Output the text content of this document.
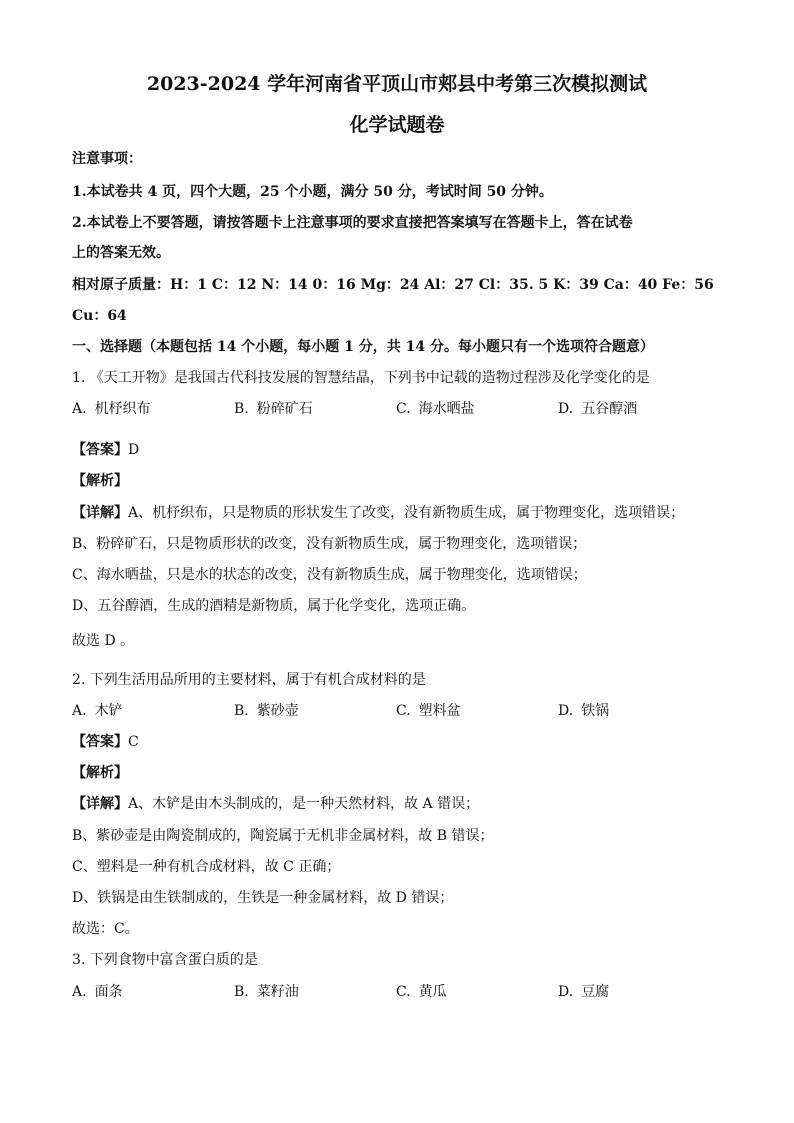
2023-2024 学年河南省平顶山市郏县中考第三次模拟测试
化学试题卷
注意事项：
1.本试卷共 4 页，四个大题，25 个小题，满分 50 分，考试时间 50 分钟。
2.本试卷上不要答题，请按答题卡上注意事项的要求直接把答案填写在答题卡上，答在试卷
上的答案无效。
相对原子质量：H：1 C：12 N：14 0：16 Mg：24 Al：27 Cl：35. 5 K：39 Ca：40 Fe：56
Cu：64
一、选择题（本题包括 14 个小题，每小题 1 分，共 14 分。每小题只有一个选项符合题意）
1. 《天工开物》是我国古代科技发展的智慧结晶，下列书中记载的造物过程涉及化学变化的是
A. 机杼织布	B. 粉碎矿石	C. 海水晒盐	D. 五谷醇酒
【答案】D
【解析】
【详解】A、机杼织布，只是物质的形状发生了改变，没有新物质生成，属于物理变化，选项错误；
B、粉碎矿石，只是物质形状的改变，没有新物质生成，属于物理变化，选项错误；
C、海水晒盐，只是水的状态的改变，没有新物质生成，属于物理变化，选项错误；
D、五谷醇酒，生成的酒精是新物质，属于化学变化，选项正确。
故选 D 。
2. 下列生活用品所用的主要材料，属于有机合成材料的是
A. 木铲	B. 紫砂壶	C. 塑料盆	D. 铁锅
【答案】C
【解析】
【详解】A、木铲是由木头制成的，是一种天然材料，故 A 错误；
B、紫砂壶是由陶瓷制成的，陶瓷属于无机非金属材料，故 B 错误；
C、塑料是一种有机合成材料，故 C 正确；
D、铁锅是由生铁制成的，生铁是一种金属材料，故 D 错误；
故选：C。
3. 下列食物中富含蛋白质的是
A. 面条	B. 菜籽油	C. 黄瓜	D. 豆腐
